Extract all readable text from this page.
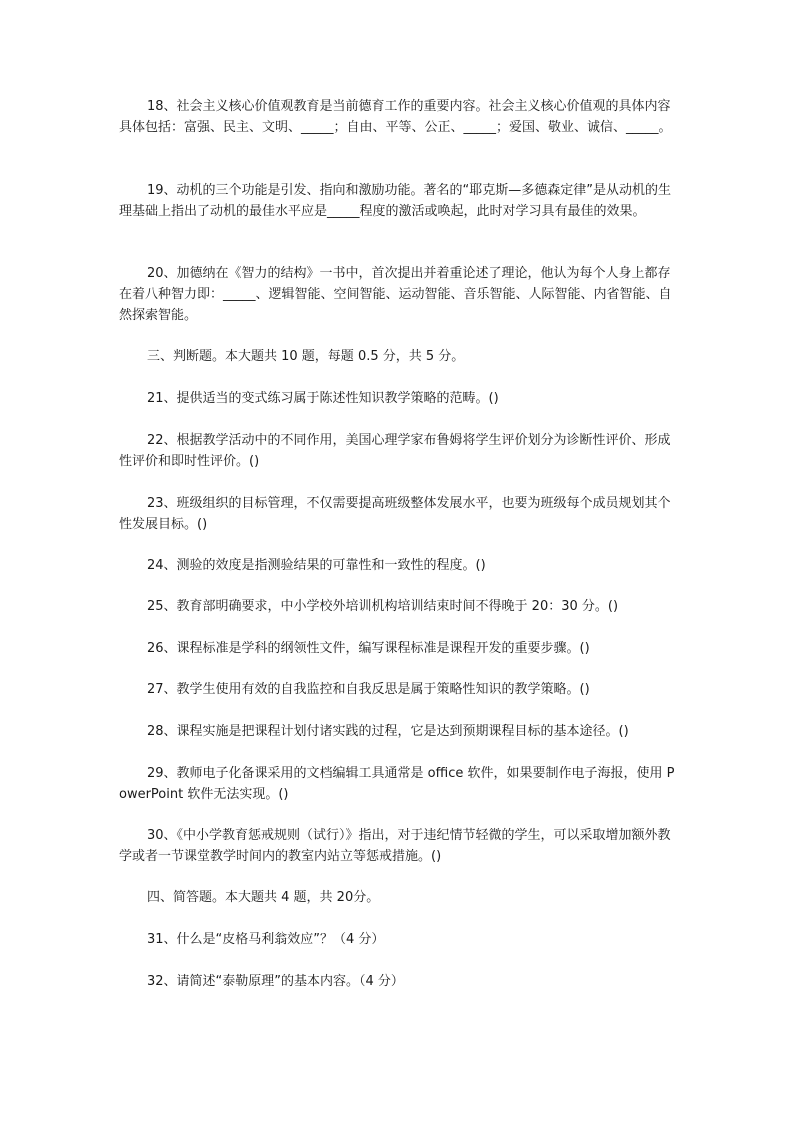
18、社会主义核心价值观教育是当前德育工作的重要内容。社会主义核心价值观的具体内容具体包括：富强、民主、文明、_____；自由、平等、公正、_____；爱国、敬业、诚信、_____。

19、动机的三个功能是引发、指向和激励功能。著名的“耶克斯—多德森定律”是从动机的生理基础上指出了动机的最佳水平应是_____程度的激活或唤起，此时对学习具有最佳的效果。

20、加德纳在《智力的结构》一书中，首次提出并着重论述了理论，他认为每个人身上都存在着八种智力即：_____、逻辑智能、空间智能、运动智能、音乐智能、人际智能、内省智能、自然探索智能。

三、判断题。本大题共 10 题，每题 0.5 分，共 5 分。

21、提供适当的变式练习属于陈述性知识教学策略的范畴。()

22、根据教学活动中的不同作用，美国心理学家布鲁姆将学生评价划分为诊断性评价、形成性评价和即时性评价。()

23、班级组织的目标管理，不仅需要提高班级整体发展水平，也要为班级每个成员规划其个性发展目标。()

24、测验的效度是指测验结果的可靠性和一致性的程度。()

25、教育部明确要求，中小学校外培训机构培训结束时间不得晚于 20：30 分。()

26、课程标准是学科的纲领性文件，编写课程标准是课程开发的重要步骤。()

27、教学生使用有效的自我监控和自我反思是属于策略性知识的教学策略。()

28、课程实施是把课程计划付诸实践的过程，它是达到预期课程目标的基本途径。()

29、教师电子化备课采用的文档编辑工具通常是 office 软件，如果要制作电子海报，使用 PowerPoint 软件无法实现。()

30、《中小学教育惩戒规则（试行）》指出，对于违纪情节轻微的学生，可以采取增加额外教学或者一节课堂教学时间内的教室内站立等惩戒措施。()

四、简答题。本大题共 4 题，共 20分。

31、什么是“皮格马利翁效应”？（4 分）

32、请简述“泰勒原理”的基本内容。（4 分）
